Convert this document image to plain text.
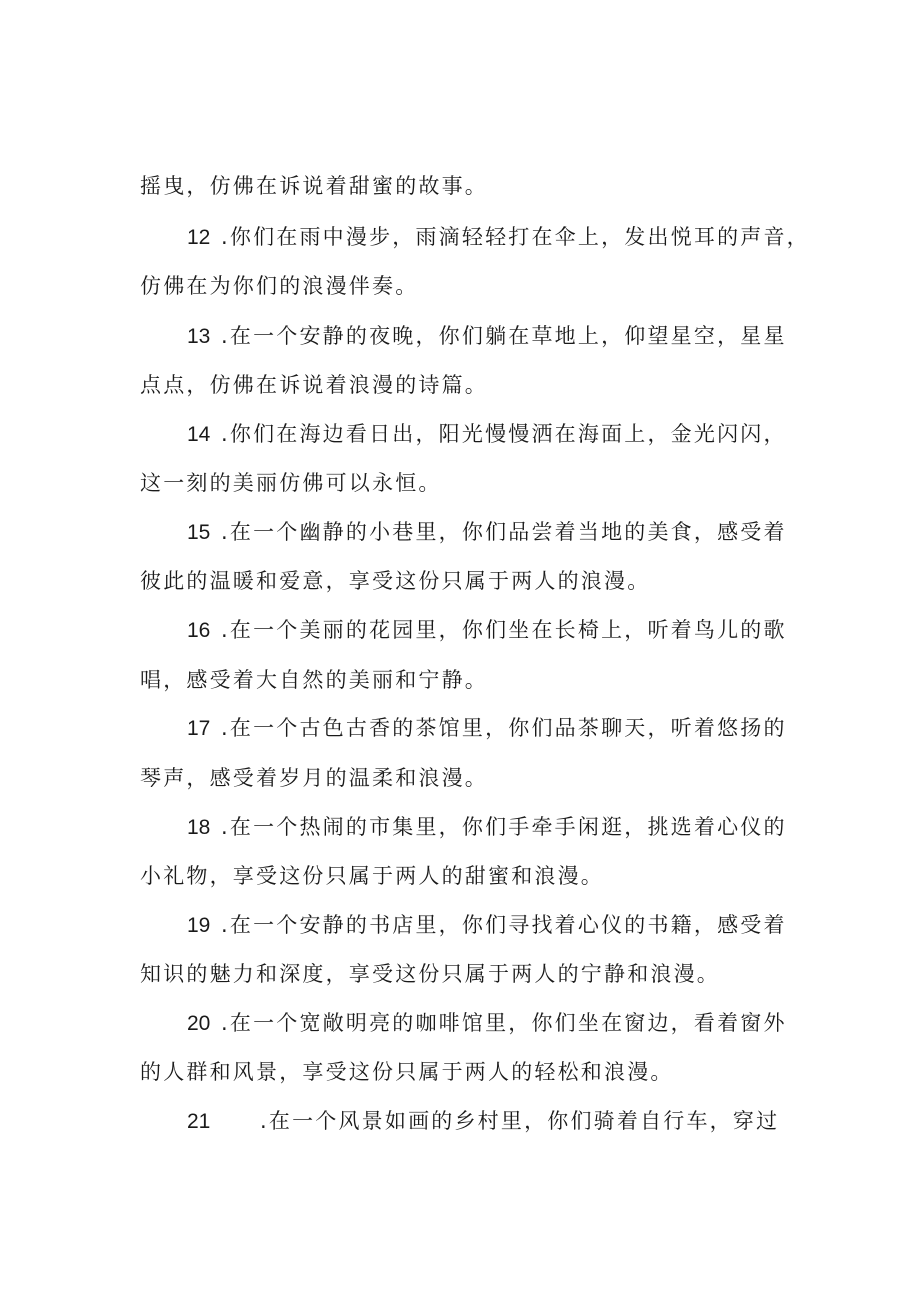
摇曳，仿佛在诉说着甜蜜的故事。
12 .你们在雨中漫步，雨滴轻轻打在伞上，发出悦耳的声音，
仿佛在为你们的浪漫伴奏。
13 .在一个安静的夜晚，你们躺在草地上，仰望星空，星星
点点，仿佛在诉说着浪漫的诗篇。
14 .你们在海边看日出，阳光慢慢洒在海面上，金光闪闪，
这一刻的美丽仿佛可以永恒。
15 .在一个幽静的小巷里，你们品尝着当地的美食，感受着
彼此的温暖和爱意，享受这份只属于两人的浪漫。
16 .在一个美丽的花园里，你们坐在长椅上，听着鸟儿的歌
唱，感受着大自然的美丽和宁静。
17 .在一个古色古香的茶馆里，你们品茶聊天，听着悠扬的
琴声，感受着岁月的温柔和浪漫。
18 .在一个热闹的市集里，你们手牵手闲逛，挑选着心仪的
小礼物，享受这份只属于两人的甜蜜和浪漫。
19 .在一个安静的书店里，你们寻找着心仪的书籍，感受着
知识的魅力和深度，享受这份只属于两人的宁静和浪漫。
20 .在一个宽敞明亮的咖啡馆里，你们坐在窗边，看着窗外
的人群和风景，享受这份只属于两人的轻松和浪漫。
21 .在一个风景如画的乡村里，你们骑着自行车，穿过
